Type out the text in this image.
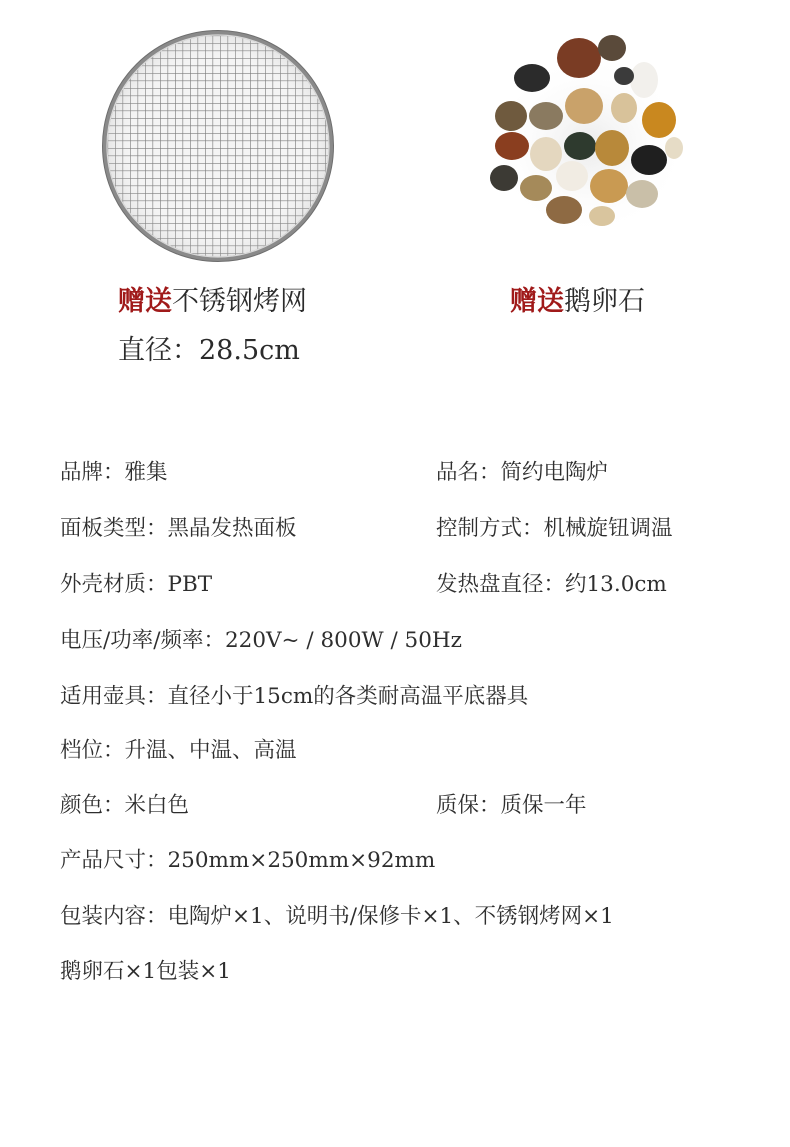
赠送不锈钢烤网
直径：28.5cm
赠送鹅卵石
品牌：雅集	品名：简约电陶炉
面板类型：黑晶发热面板	控制方式：机械旋钮调温
外壳材质：PBT	发热盘直径：约13.0cm
电压/功率/频率：220V~ / 800W / 50Hz
适用壶具：直径小于15cm的各类耐高温平底器具
档位：升温、中温、高温
颜色：米白色	质保：质保一年
产品尺寸：250mm×250mm×92mm
包装内容：电陶炉×1、说明书/保修卡×1、不锈钢烤网×1
鹅卵石×1包装×1
